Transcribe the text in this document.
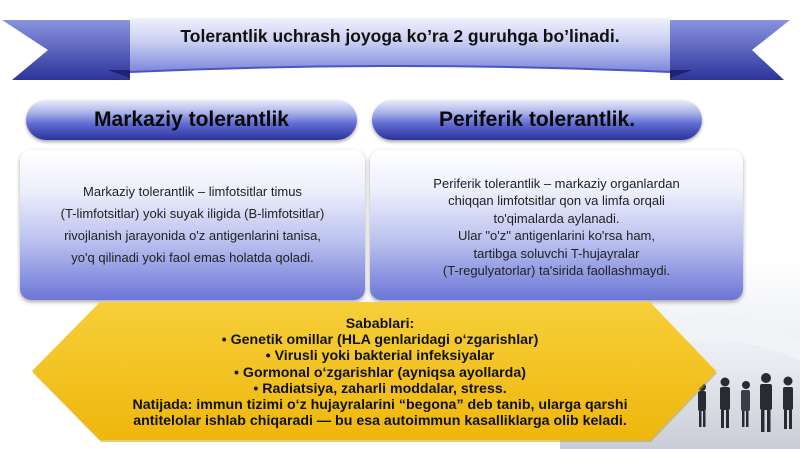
Tolerantlik uchrash joyoga ko’ra 2 guruhga bo’linadi.
Markaziy tolerantlik	Periferik tolerantlik.
Markaziy tolerantlik – limfotsitlar timus
(T-limfotsitlar) yoki suyak iligida (B-limfotsitlar)
rivojlanish jarayonida o'z antigenlarini tanisa,
yo'q qilinadi yoki faol emas holatda qoladi.
Periferik tolerantlik – markaziy organlardan
chiqqan limfotsitlar qon va limfa orqali
to'qimalarda aylanadi.
Ular "o'z" antigenlarini ko'rsa ham,
tartibga soluvchi T-hujayralar
(T-regulyatorlar) ta'sirida faollashmaydi.
Sabablari:
• Genetik omillar (HLA genlaridagi o‘zgarishlar)
• Virusli yoki bakterial infeksiyalar
• Gormonal o‘zgarishlar (ayniqsa ayollarda)
• Radiatsiya, zaharli moddalar, stress.
Natijada: immun tizimi o‘z hujayralarini “begona” deb tanib, ularga qarshi
antitelolar ishlab chiqaradi — bu esa autoimmun kasalliklarga olib keladi.
